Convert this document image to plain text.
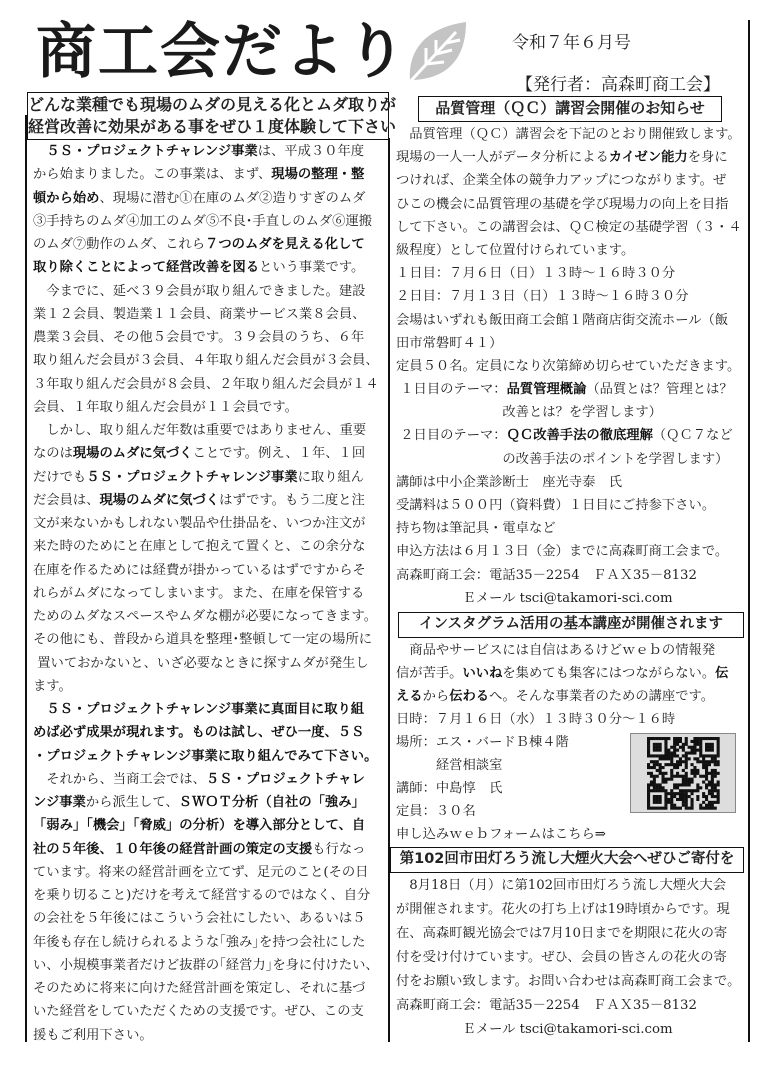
商工会だより	令和７年６月号
【発行者：高森町商工会】
どんな業種でも現場のムダの見える化とムダ取りが
経営改善に効果がある事をぜひ１度体験して下さい
　５Ｓ・プロジェクトチャレンジ事業は、平成３０年度
から始まりました。この事業は、まず、現場の整理・整
頓から始め、現場に潜む①在庫のムダ②造りすぎのムダ
③手持ちのムダ④加工のムダ⑤不良･手直しのムダ⑥運搬
のムダ⑦動作のムダ、これら７つのムダを見える化して
取り除くことによって経営改善を図るという事業です。
　今までに、延べ３９会員が取り組んできました。建設
業１２会員、製造業１１会員、商業サービス業８会員、
農業３会員、その他５会員です。３９会員のうち、６年
取り組んだ会員が３会員、４年取り組んだ会員が３会員、
３年取り組んだ会員が８会員、２年取り組んだ会員が１４
会員、１年取り組んだ会員が１１会員です。
　しかし、取り組んだ年数は重要ではありません、重要
なのは現場のムダに気づくことです。例え、１年、１回
だけでも５Ｓ・プロジェクトチャレンジ事業に取り組ん
だ会員は、現場のムダに気づくはずです。もう二度と注
文が来ないかもしれない製品や仕掛品を、いつか注文が
来た時のためにと在庫として抱えて置くと、この余分な
在庫を作るためには経費が掛かっているはずですからそ
れらがムダになってしまいます。また、在庫を保管する
ためのムダなスペースやムダな棚が必要になってきます。
その他にも、普段から道具を整理･整頓して一定の場所に
置いておかないと、いざ必要なときに探すムダが発生し
ます。
　５Ｓ・プロジェクトチャレンジ事業に真面目に取り組
めば必ず成果が現れます。ものは試し、ぜひ一度、５Ｓ
・プロジェクトチャレンジ事業に取り組んでみて下さい。
　それから、当商工会では、５Ｓ・プロジェクトチャレ
ンジ事業から派生して、ＳＷＯＴ分析（自社の「強み」
「弱み」「機会」「脅威」の分析）を導入部分として、自
社の５年後、１０年後の経営計画の策定の支援も行なっ
ています。将来の経営計画を立てず、足元のこと(その日
を乗り切ること)だけを考えて経営するのではなく、自分
の会社を５年後にはこういう会社にしたい、あるいは５
年後も存在し続けられるような｢強み｣を持つ会社にした
い、小規模事業者だけど抜群の｢経営力｣を身に付けたい、
そのために将来に向けた経営計画を策定し、それに基づ
いた経営をしていただくための支援です。ぜひ、この支
援もご利用下さい。
品質管理（ＱＣ）講習会開催のお知らせ
　品質管理（ＱＣ）講習会を下記のとおり開催致します。
現場の一人一人がデータ分析によるカイゼン能力を身に
つければ、企業全体の競争力アップにつながります。ぜ
ひこの機会に品質管理の基礎を学び現場力の向上を目指
して下さい。この講習会は、ＱＣ検定の基礎学習（３・４
級程度）として位置付けられています。
１日目：７月６日（日）１３時～１６時３０分
２日目：７月１３日（日）１３時～１６時３０分
会場はいずれも飯田商工会館１階商店街交流ホール（飯
田市常磐町４１）
定員５０名。定員になり次第締め切らせていただきます。
１日目のテーマ：品質管理概論（品質とは？管理とは？
　　　　　　　　改善とは？を学習します）
２日目のテーマ：ＱＣ改善手法の徹底理解（ＱＣ７など
　　　　　　　　の改善手法のポイントを学習します）
講師は中小企業診断士　座光寺泰　氏
受講料は５００円（資料費）１日目にご持参下さい。
持ち物は筆記具・電卓など
申込方法は６月１３日（金）までに高森町商工会まで。
高森町商工会：電話35－2254　ＦＡＸ35－8132
　　　　　Ｅメール tsci@takamori-sci.com
インスタグラム活用の基本講座が開催されます
　商品やサービスには自信はあるけどｗｅｂの情報発
信が苦手。いいねを集めても集客にはつながらない。伝
えるから伝わるへ。そんな事業者のための講座です。
日時：７月１６日（水）１３時３０分～１６時
場所：エス・バードＢ棟４階
　　　経営相談室
講師：中島惇　氏
定員：３０名
申し込みｗｅｂフォームはこちら⇒
第102回市田灯ろう流し大煙火大会へぜひご寄付を
　8月18日（月）に第102回市田灯ろう流し大煙火大会
が開催されます。花火の打ち上げは19時頃からです。現
在、高森町観光協会では7月10日までを期限に花火の寄
付を受け付けています。ぜひ、会員の皆さんの花火の寄
付をお願い致します。お問い合わせは高森町商工会まで。
高森町商工会：電話35－2254　ＦＡＸ35－8132
　　　　　Ｅメール tsci@takamori-sci.com
